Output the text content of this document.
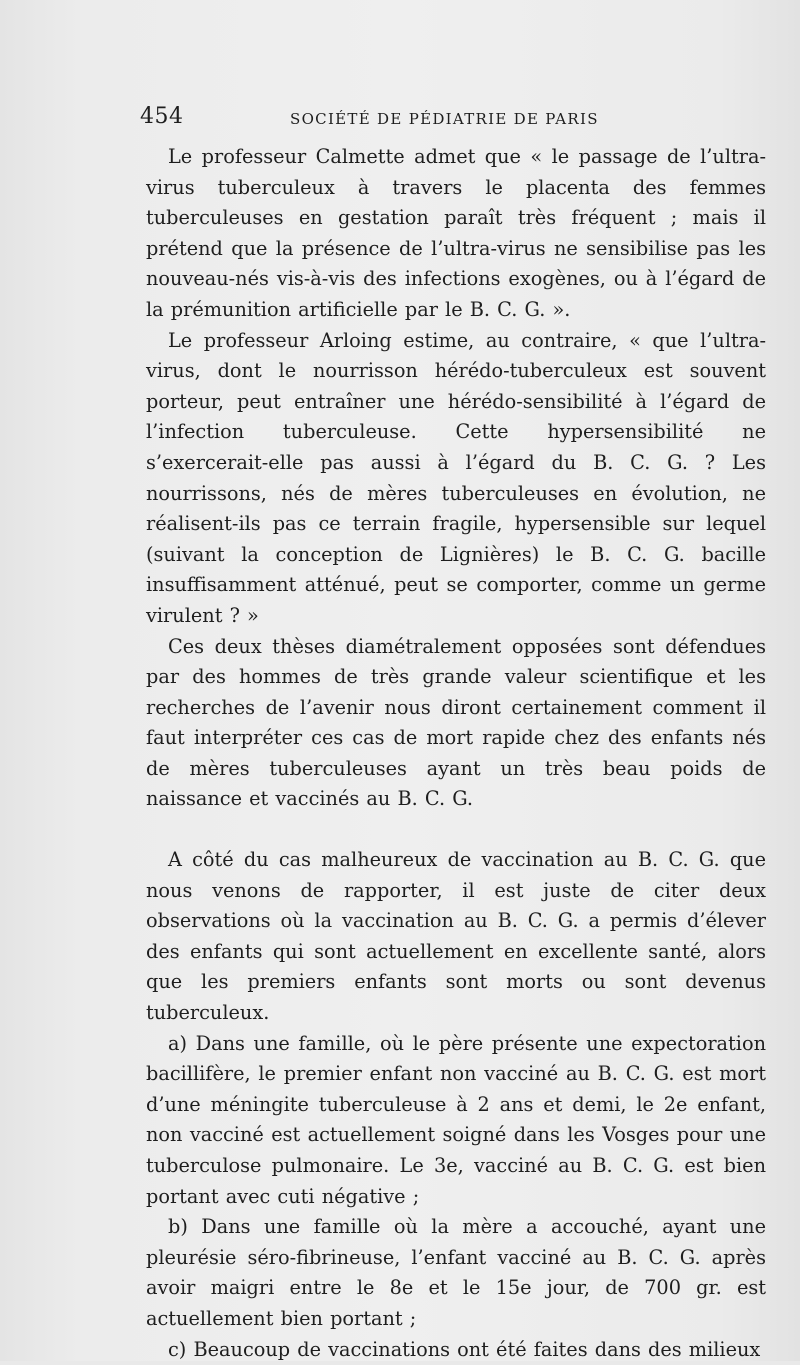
454	SOCIÉTÉ DE PÉDIATRIE DE PARIS

Le professeur Calmette admet que « le passage de l’ultra-virus tuberculeux à travers le placenta des femmes tuberculeuses en gestation paraît très fréquent ; mais il prétend que la présence de l’ultra-virus ne sensibilise pas les nouveau-nés vis-à-vis des infections exogènes, ou à l’égard de la prémunition artificielle par le B. C. G. ».

Le professeur Arloing estime, au contraire, « que l’ultra-virus, dont le nourrisson hérédo-tuberculeux est souvent porteur, peut entraîner une hérédo-sensibilité à l’égard de l’infection tuberculeuse. Cette hypersensibilité ne s’exercerait-elle pas aussi à l’égard du B. C. G. ? Les nourrissons, nés de mères tuberculeuses en évolution, ne réalisent-ils pas ce terrain fragile, hypersensible sur lequel (suivant la conception de Lignières) le B. C. G. bacille insuffisamment atténué, peut se comporter, comme un germe virulent ? »

Ces deux thèses diamétralement opposées sont défendues par des hommes de très grande valeur scientifique et les recherches de l’avenir nous diront certainement comment il faut interpréter ces cas de mort rapide chez des enfants nés de mères tuberculeuses ayant un très beau poids de naissance et vaccinés au B. C. G.

A côté du cas malheureux de vaccination au B. C. G. que nous venons de rapporter, il est juste de citer deux observations où la vaccination au B. C. G. a permis d’élever des enfants qui sont actuellement en excellente santé, alors que les premiers enfants sont morts ou sont devenus tuberculeux.

a) Dans une famille, où le père présente une expectoration bacillifère, le premier enfant non vacciné au B. C. G. est mort d’une méningite tuberculeuse à 2 ans et demi, le 2e enfant, non vacciné est actuellement soigné dans les Vosges pour une tuberculose pulmonaire. Le 3e, vacciné au B. C. G. est bien portant avec cuti négative ;

b) Dans une famille où la mère a accouché, ayant une pleurésie séro-fibrineuse, l’enfant vacciné au B. C. G. après avoir maigri entre le 8e et le 15e jour, de 700 gr. est actuellement bien portant ;

c) Beaucoup de vaccinations ont été faites dans des milieux
